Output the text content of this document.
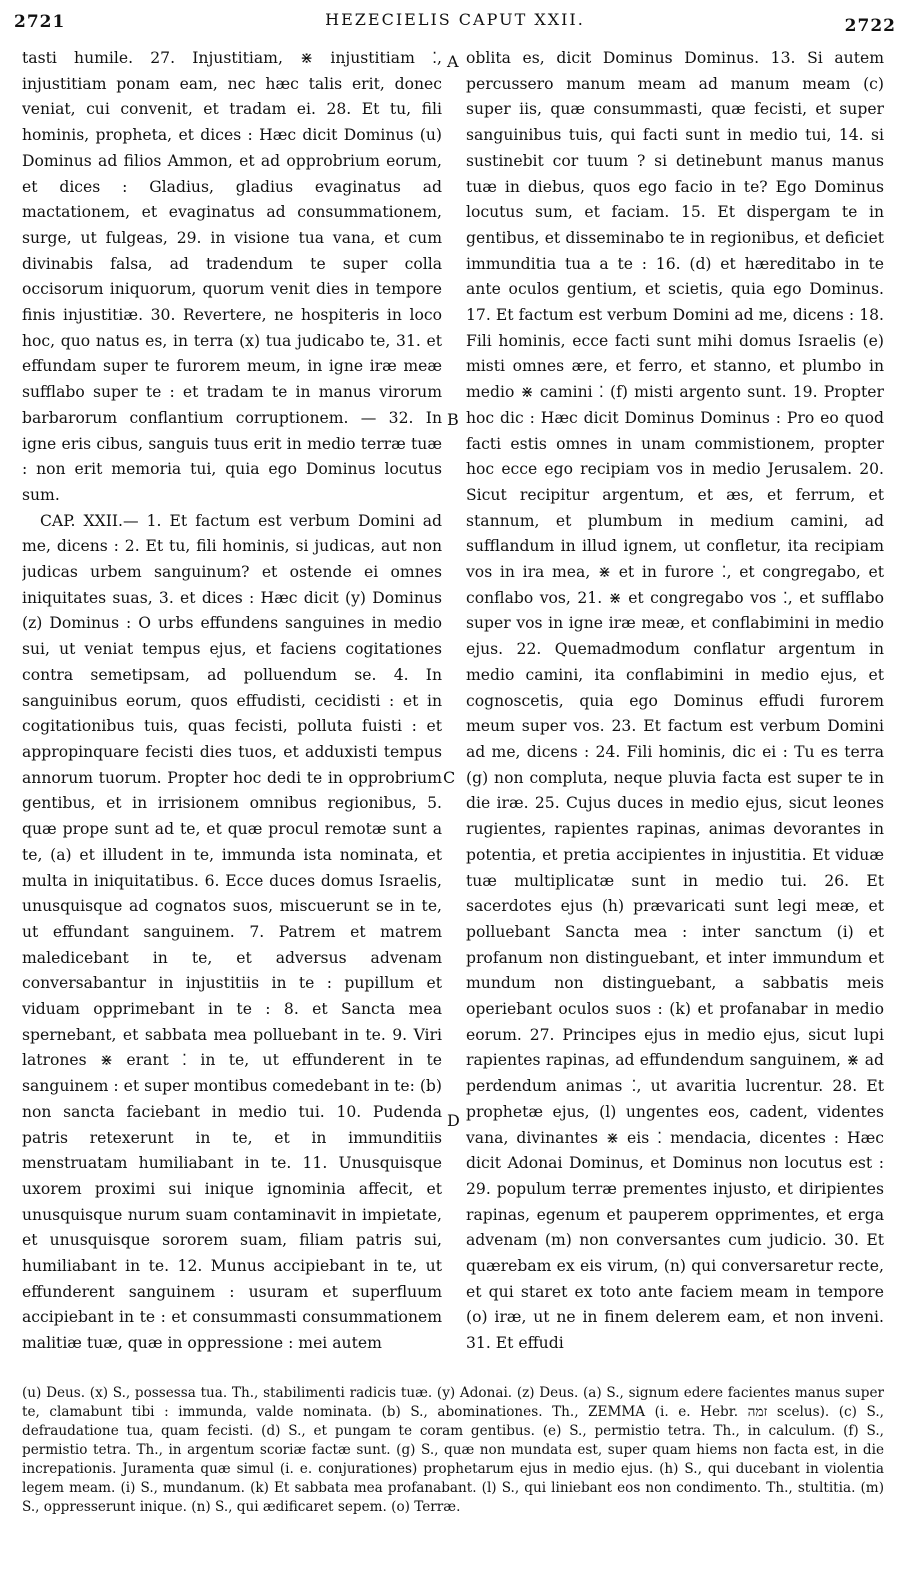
2721	HEZECIELIS CAPUT XXII.	2722
A
B
C
D

tasti humile. 27. Injustitiam, ⋇ injustitiam ⁚, injustitiam ponam eam, nec hæc talis erit, donec veniat, cui convenit, et tradam ei. 28. Et tu, fili hominis, propheta, et dices : Hæc dicit Dominus (u) Dominus ad filios Ammon, et ad opprobrium eorum, et dices : Gladius, gladius evaginatus ad mactationem, et evaginatus ad consummationem, surge, ut fulgeas, 29. in visione tua vana, et cum divinabis falsa, ad tradendum te super colla occisorum iniquorum, quorum venit dies in tempore finis injustitiæ. 30. Revertere, ne hospiteris in loco hoc, quo natus es, in terra (x) tua judicabo te, 31. et effundam super te furorem meum, in igne iræ meæ sufflabo super te : et tradam te in manus virorum barbarorum conflantium corruptionem. — 32. In igne eris cibus, sanguis tuus erit in medio terræ tuæ : non erit memoria tui, quia ego Dominus locutus sum.

CAP. XXII.— 1. Et factum est verbum Domini ad me, dicens : 2. Et tu, fili hominis, si judicas, aut non judicas urbem sanguinum? et ostende ei omnes iniquitates suas, 3. et dices : Hæc dicit (y) Dominus (z) Dominus : O urbs effundens sanguines in medio sui, ut veniat tempus ejus, et faciens cogitationes contra semetipsam, ad polluendum se. 4. In sanguinibus eorum, quos effudisti, cecidisti : et in cogitationibus tuis, quas fecisti, polluta fuisti : et appropinquare fecisti dies tuos, et adduxisti tempus annorum tuorum. Propter hoc dedi te in opprobrium gentibus, et in irrisionem omnibus regionibus, 5. quæ prope sunt ad te, et quæ procul remotæ sunt a te, (a) et illudent in te, immunda ista nominata, et multa in iniquitatibus. 6. Ecce duces domus Israelis, unusquisque ad cognatos suos, miscuerunt se in te, ut effundant sanguinem. 7. Patrem et matrem maledicebant in te, et adversus advenam conversabantur in injustitiis in te : pupillum et viduam opprimebant in te : 8. et Sancta mea spernebant, et sabbata mea polluebant in te. 9. Viri latrones ⋇ erant ⁚ in te, ut effunderent in te sanguinem : et super montibus comedebant in te: (b) non sancta faciebant in medio tui. 10. Pudenda patris retexerunt in te, et in immunditiis menstruatam humiliabant in te. 11. Unusquisque uxorem proximi sui inique ignominia affecit, et unusquisque nurum suam contaminavit in impietate, et unusquisque sororem suam, filiam patris sui, humiliabant in te. 12. Munus accipiebant in te, ut effunderent sanguinem : usuram et superfluum accipiebant in te : et consummasti consummationem malitiæ tuæ, quæ in oppressione : mei autem

oblita es, dicit Dominus Dominus. 13. Si autem percussero manum meam ad manum meam (c) super iis, quæ consummasti, quæ fecisti, et super sanguinibus tuis, qui facti sunt in medio tui, 14. si sustinebit cor tuum ? si detinebunt manus manus tuæ in diebus, quos ego facio in te? Ego Dominus locutus sum, et faciam. 15. Et dispergam te in gentibus, et disseminabo te in regionibus, et deficiet immunditia tua a te : 16. (d) et hæreditabo in te ante oculos gentium, et scietis, quia ego Dominus. 17. Et factum est verbum Domini ad me, dicens : 18. Fili hominis, ecce facti sunt mihi domus Israelis (e) misti omnes ære, et ferro, et stanno, et plumbo in medio ⋇ camini ⁚ (f) misti argento sunt. 19. Propter hoc dic : Hæc dicit Dominus Dominus : Pro eo quod facti estis omnes in unam commistionem, propter hoc ecce ego recipiam vos in medio Jerusalem. 20. Sicut recipitur argentum, et æs, et ferrum, et stannum, et plumbum in medium camini, ad sufflandum in illud ignem, ut confletur, ita recipiam vos in ira mea, ⋇ et in furore ⁚, et congregabo, et conflabo vos, 21. ⋇ et congregabo vos ⁚, et sufflabo super vos in igne iræ meæ, et conflabimini in medio ejus. 22. Quemadmodum conflatur argentum in medio camini, ita conflabimini in medio ejus, et cognoscetis, quia ego Dominus effudi furorem meum super vos. 23. Et factum est verbum Domini ad me, dicens : 24. Fili hominis, dic ei : Tu es terra (g) non compluta, neque pluvia facta est super te in die iræ. 25. Cujus duces in medio ejus, sicut leones rugientes, rapientes rapinas, animas devorantes in potentia, et pretia accipientes in injustitia. Et viduæ tuæ multiplicatæ sunt in medio tui. 26. Et sacerdotes ejus (h) prævaricati sunt legi meæ, et polluebant Sancta mea : inter sanctum (i) et profanum non distinguebant, et inter immundum et mundum non distinguebant, a sabbatis meis operiebant oculos suos : (k) et profanabar in medio eorum. 27. Principes ejus in medio ejus, sicut lupi rapientes rapinas, ad effundendum sanguinem, ⋇ ad perdendum animas ⁚, ut avaritia lucrentur. 28. Et prophetæ ejus, (l) ungentes eos, cadent, videntes vana, divinantes ⋇ eis ⁚ mendacia, dicentes : Hæc dicit Adonai Dominus, et Dominus non locutus est : 29. populum terræ prementes injusto, et diripientes rapinas, egenum et pauperem opprimentes, et erga advenam (m) non conversantes cum judicio. 30. Et quærebam ex eis virum, (n) qui conversaretur recte, et qui staret ex toto ante faciem meam in tempore (o) iræ, ut ne in finem delerem eam, et non inveni. 31. Et effudi

(u) Deus. (x) S., possessa tua. Th., stabilimenti radicis tuæ. (y) Adonai. (z) Deus. (a) S., signum edere facientes manus super te, clamabunt tibi : immunda, valde nominata. (b) S., abominationes. Th., ZEMMA (i. e. Hebr. זמה scelus). (c) S., defraudatione tua, quam fecisti. (d) S., et pungam te coram gentibus. (e) S., permistio tetra. Th., in calculum. (f) S., permistio tetra. Th., in argentum scoriæ factæ sunt. (g) S., quæ non mundata est, super quam hiems non facta est, in die increpationis. Juramenta quæ simul (i. e. conjurationes) prophetarum ejus in medio ejus. (h) S., qui ducebant in violentia legem meam. (i) S., mundanum. (k) Et sabbata mea profanabant. (l) S., qui liniebant eos non condimento. Th., stultitia. (m) S., oppresserunt inique. (n) S., qui ædificaret sepem. (o) Terræ.
